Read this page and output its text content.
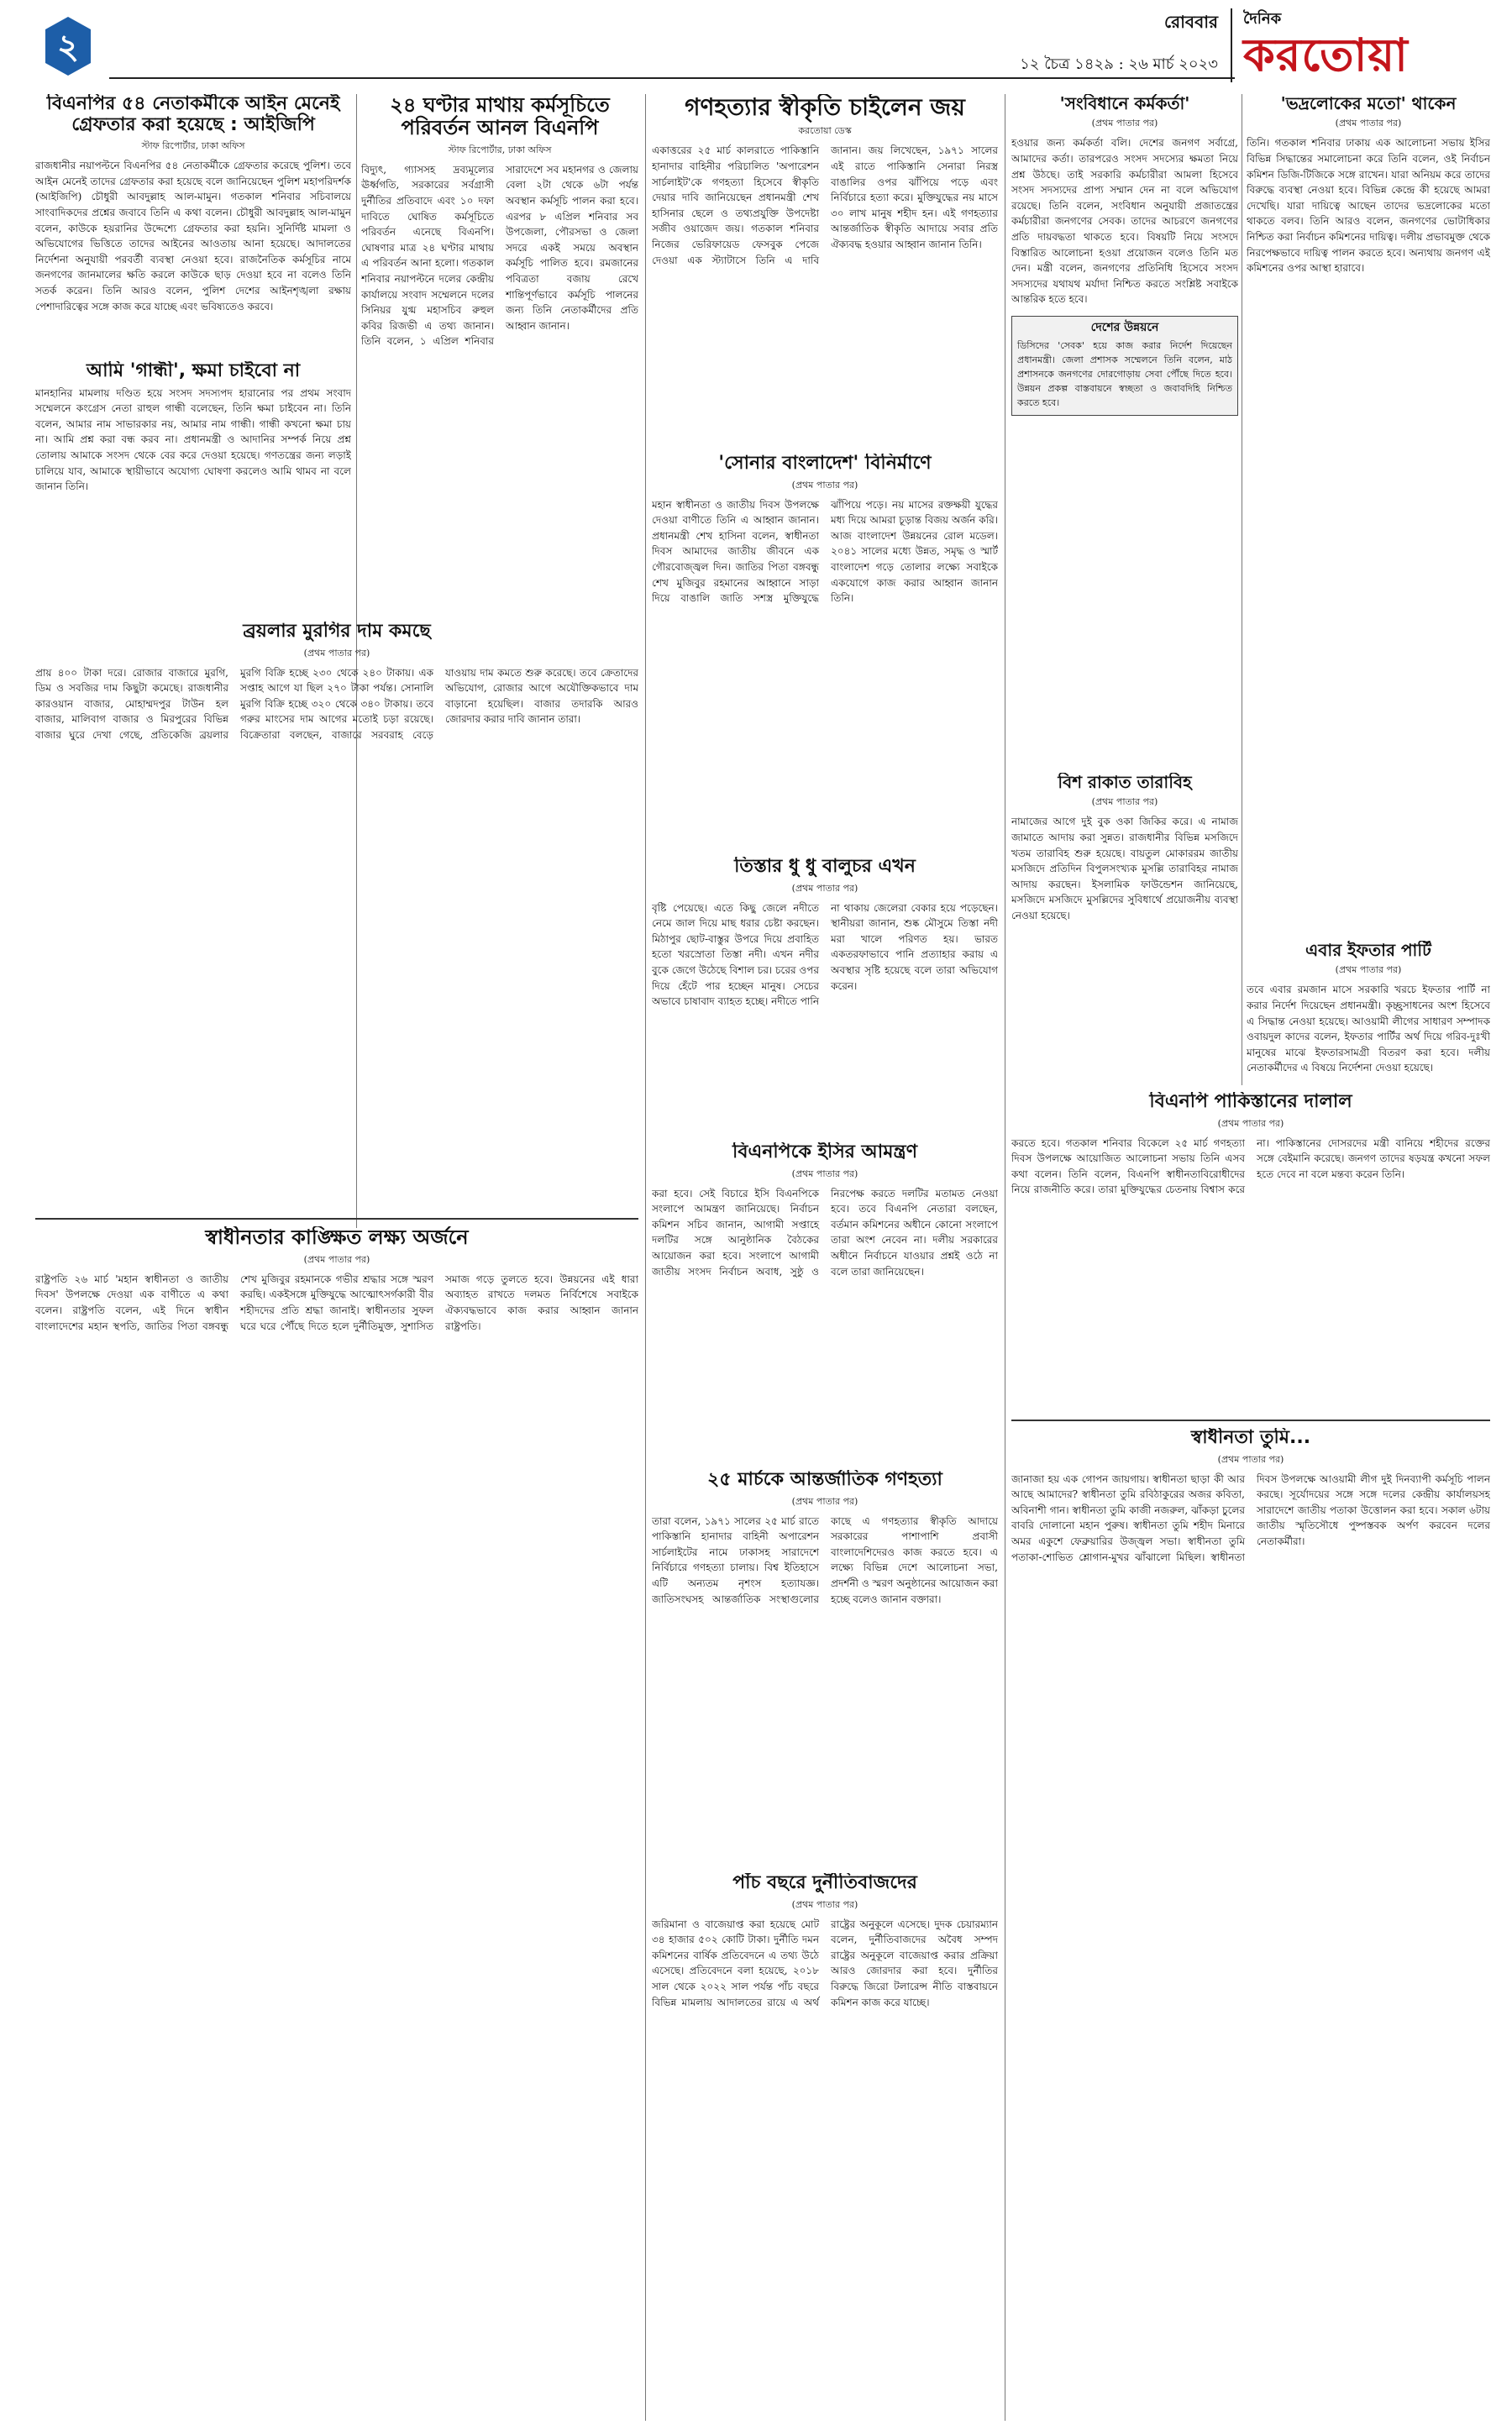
২
রোববার
১২ চৈত্র ১৪২৯ : ২৬ মার্চ ২০২৩
দৈনিক
করতোয়া
বিএনপির ৫৪ নেতাকর্মীকে আইন মেনেই গ্রেফতার করা হয়েছে : আইজিপি
স্টাফ রিপোর্টার, ঢাকা অফিস

রাজধানীর নয়াপল্টনে বিএনপির ৫৪ নেতাকর্মীকে গ্রেফতার করেছে পুলিশ। তবে আইন মেনেই তাদের গ্রেফতার করা হয়েছে বলে জানিয়েছেন পুলিশ মহাপরিদর্শক (আইজিপি) চৌধুরী আবদুল্লাহ আল-মামুন। গতকাল শনিবার সচিবালয়ে সাংবাদিকদের প্রশ্নের জবাবে তিনি এ কথা বলেন। চৌধুরী আবদুল্লাহ আল-মামুন বলেন, কাউকে হয়রানির উদ্দেশ্যে গ্রেফতার করা হয়নি। সুনির্দিষ্ট মামলা ও অভিযোগের ভিত্তিতে তাদের আইনের আওতায় আনা হয়েছে। আদালতের নির্দেশনা অনুযায়ী পরবর্তী ব্যবস্থা নেওয়া হবে। রাজনৈতিক কর্মসূচির নামে জনগণের জানমালের ক্ষতি করলে কাউকে ছাড় দেওয়া হবে না বলেও তিনি সতর্ক করেন। তিনি আরও বলেন, পুলিশ দেশের আইনশৃঙ্খলা রক্ষায় পেশাদারিত্বের সঙ্গে কাজ করে যাচ্ছে এবং ভবিষ্যতেও করবে।

আমি 'গান্ধী', ক্ষমা চাইবো না

মানহানির মামলায় দণ্ডিত হয়ে সংসদ সদস্যপদ হারানোর পর প্রথম সংবাদ সম্মেলনে কংগ্রেস নেতা রাহুল গান্ধী বলেছেন, তিনি ক্ষমা চাইবেন না। তিনি বলেন, আমার নাম সাভারকার নয়, আমার নাম গান্ধী। গান্ধী কখনো ক্ষমা চায় না। আমি প্রশ্ন করা বন্ধ করব না। প্রধানমন্ত্রী ও আদানির সম্পর্ক নিয়ে প্রশ্ন তোলায় আমাকে সংসদ থেকে বের করে দেওয়া হয়েছে। গণতন্ত্রের জন্য লড়াই চালিয়ে যাব, আমাকে স্থায়ীভাবে অযোগ্য ঘোষণা করলেও আমি থামব না বলে জানান তিনি।

২৪ ঘণ্টার মাথায় কর্মসূচিতে পরিবর্তন আনল বিএনপি
স্টাফ রিপোর্টার, ঢাকা অফিস

বিদ্যুৎ, গ্যাসসহ দ্রব্যমূল্যের ঊর্ধ্বগতি, সরকারের সর্বগ্রাসী দুর্নীতির প্রতিবাদে এবং ১০ দফা দাবিতে ঘোষিত কর্মসূচিতে পরিবর্তন এনেছে বিএনপি। ঘোষণার মাত্র ২৪ ঘণ্টার মাথায় এ পরিবর্তন আনা হলো। গতকাল শনিবার নয়াপল্টনে দলের কেন্দ্রীয় কার্যালয়ে সংবাদ সম্মেলনে দলের সিনিয়র যুগ্ম মহাসচিব রুহুল কবির রিজভী এ তথ্য জানান। তিনি বলেন, ১ এপ্রিল শনিবার সারাদেশে সব মহানগর ও জেলায় বেলা ২টা থেকে ৬টা পর্যন্ত অবস্থান কর্মসূচি পালন করা হবে। এরপর ৮ এপ্রিল শনিবার সব উপজেলা, পৌরসভা ও জেলা সদরে একই সময়ে অবস্থান কর্মসূচি পালিত হবে। রমজানের পবিত্রতা বজায় রেখে শান্তিপূর্ণভাবে কর্মসূচি পালনের জন্য তিনি নেতাকর্মীদের প্রতি আহ্বান জানান।

ব্রয়লার মুরগির দাম কমছে
(প্রথম পাতার পর)

প্রায় ৪০০ টাকা দরে। রোজার বাজারে মুরগি, ডিম ও সবজির দাম কিছুটা কমেছে। রাজধানীর কারওয়ান বাজার, মোহাম্মদপুর টাউন হল বাজার, মালিবাগ বাজার ও মিরপুরের বিভিন্ন বাজার ঘুরে দেখা গেছে, প্রতিকেজি ব্রয়লার মুরগি বিক্রি হচ্ছে ২৩০ থেকে ২৪০ টাকায়। এক সপ্তাহ আগে যা ছিল ২৭০ টাকা পর্যন্ত। সোনালি মুরগি বিক্রি হচ্ছে ৩২০ থেকে ৩৪০ টাকায়। তবে গরুর মাংসের দাম আগের মতোই চড়া রয়েছে। বিক্রেতারা বলছেন, বাজারে সরবরাহ বেড়ে যাওয়ায় দাম কমতে শুরু করেছে। তবে ক্রেতাদের অভিযোগ, রোজার আগে অযৌক্তিকভাবে দাম বাড়ানো হয়েছিল। বাজার তদারকি আরও জোরদার করার দাবি জানান তারা।

স্বাধীনতার কাঙ্ক্ষিত লক্ষ্য অর্জনে
(প্রথম পাতার পর)

রাষ্ট্রপতি ২৬ মার্চ 'মহান স্বাধীনতা ও জাতীয় দিবস' উপলক্ষে দেওয়া এক বাণীতে এ কথা বলেন। রাষ্ট্রপতি বলেন, এই দিনে স্বাধীন বাংলাদেশের মহান স্থপতি, জাতির পিতা বঙ্গবন্ধু শেখ মুজিবুর রহমানকে গভীর শ্রদ্ধার সঙ্গে স্মরণ করছি। একইসঙ্গে মুক্তিযুদ্ধে আত্মোৎসর্গকারী বীর শহীদদের প্রতি শ্রদ্ধা জানাই। স্বাধীনতার সুফল ঘরে ঘরে পৌঁছে দিতে হলে দুর্নীতিমুক্ত, সুশাসিত সমাজ গড়ে তুলতে হবে। উন্নয়নের এই ধারা অব্যাহত রাখতে দলমত নির্বিশেষে সবাইকে ঐক্যবদ্ধভাবে কাজ করার আহ্বান জানান রাষ্ট্রপতি।

গণহত্যার স্বীকৃতি চাইলেন জয়
করতোয়া ডেস্ক

একাত্তরের ২৫ মার্চ কালরাতে পাকিস্তানি হানাদার বাহিনীর পরিচালিত 'অপারেশন সার্চলাইট'কে গণহত্যা হিসেবে স্বীকৃতি দেয়ার দাবি জানিয়েছেন প্রধানমন্ত্রী শেখ হাসিনার ছেলে ও তথ্যপ্রযুক্তি উপদেষ্টা সজীব ওয়াজেদ জয়। গতকাল শনিবার নিজের ভেরিফায়েড ফেসবুক পেজে দেওয়া এক স্ট্যাটাসে তিনি এ দাবি জানান। জয় লিখেছেন, ১৯৭১ সালের এই রাতে পাকিস্তানি সেনারা নিরস্ত্র বাঙালির ওপর ঝাঁপিয়ে পড়ে এবং নির্বিচারে হত্যা করে। মুক্তিযুদ্ধের নয় মাসে ৩০ লাখ মানুষ শহীদ হন। এই গণহত্যার আন্তর্জাতিক স্বীকৃতি আদায়ে সবার প্রতি ঐক্যবদ্ধ হওয়ার আহ্বান জানান তিনি।

'সোনার বাংলাদেশ' বিনির্মাণে
(প্রথম পাতার পর)

মহান স্বাধীনতা ও জাতীয় দিবস উপলক্ষে দেওয়া বাণীতে তিনি এ আহ্বান জানান। প্রধানমন্ত্রী শেখ হাসিনা বলেন, স্বাধীনতা দিবস আমাদের জাতীয় জীবনে এক গৌরবোজ্জ্বল দিন। জাতির পিতা বঙ্গবন্ধু শেখ মুজিবুর রহমানের আহ্বানে সাড়া দিয়ে বাঙালি জাতি সশস্ত্র মুক্তিযুদ্ধে ঝাঁপিয়ে পড়ে। নয় মাসের রক্তক্ষয়ী যুদ্ধের মধ্য দিয়ে আমরা চূড়ান্ত বিজয় অর্জন করি। আজ বাংলাদেশ উন্নয়নের রোল মডেল। ২০৪১ সালের মধ্যে উন্নত, সমৃদ্ধ ও স্মার্ট বাংলাদেশ গড়ে তোলার লক্ষ্যে সবাইকে একযোগে কাজ করার আহ্বান জানান তিনি।

তিস্তার ধু ধু বালুচর এখন
(প্রথম পাতার পর)

বৃষ্টি পেয়েছে। এতে কিছু জেলে নদীতে নেমে জাল দিয়ে মাছ ধরার চেষ্টা করছেন। মিঠাপুর ছোট-বাস্তুর উপরে দিয়ে প্রবাহিত হতো খরস্রোতা তিস্তা নদী। এখন নদীর বুকে জেগে উঠেছে বিশাল চর। চরের ওপর দিয়ে হেঁটে পার হচ্ছেন মানুষ। সেচের অভাবে চাষাবাদ ব্যাহত হচ্ছে। নদীতে পানি না থাকায় জেলেরা বেকার হয়ে পড়েছেন। স্থানীয়রা জানান, শুষ্ক মৌসুমে তিস্তা নদী মরা খালে পরিণত হয়। ভারত একতরফাভাবে পানি প্রত্যাহার করায় এ অবস্থার সৃষ্টি হয়েছে বলে তারা অভিযোগ করেন।

বিএনপিকে ইসির আমন্ত্রণ
(প্রথম পাতার পর)

করা হবে। সেই বিচারে ইসি বিএনপিকে সংলাপে আমন্ত্রণ জানিয়েছে। নির্বাচন কমিশন সচিব জানান, আগামী সপ্তাহে দলটির সঙ্গে আনুষ্ঠানিক বৈঠকের আয়োজন করা হবে। সংলাপে আগামী জাতীয় সংসদ নির্বাচন অবাধ, সুষ্ঠু ও নিরপেক্ষ করতে দলটির মতামত নেওয়া হবে। তবে বিএনপি নেতারা বলছেন, বর্তমান কমিশনের অধীনে কোনো সংলাপে তারা অংশ নেবেন না। দলীয় সরকারের অধীনে নির্বাচনে যাওয়ার প্রশ্নই ওঠে না বলে তারা জানিয়েছেন।

২৫ মার্চকে আন্তর্জাতিক গণহত্যা
(প্রথম পাতার পর)

তারা বলেন, ১৯৭১ সালের ২৫ মার্চ রাতে পাকিস্তানি হানাদার বাহিনী অপারেশন সার্চলাইটের নামে ঢাকাসহ সারাদেশে নির্বিচারে গণহত্যা চালায়। বিশ্ব ইতিহাসে এটি অন্যতম নৃশংস হত্যাযজ্ঞ। জাতিসংঘসহ আন্তর্জাতিক সংস্থাগুলোর কাছে এ গণহত্যার স্বীকৃতি আদায়ে সরকারের পাশাপাশি প্রবাসী বাংলাদেশিদেরও কাজ করতে হবে। এ লক্ষ্যে বিভিন্ন দেশে আলোচনা সভা, প্রদর্শনী ও স্মরণ অনুষ্ঠানের আয়োজন করা হচ্ছে বলেও জানান বক্তারা।

পাঁচ বছরে দুর্নীতিবাজদের
(প্রথম পাতার পর)

জরিমানা ও বাজেয়াপ্ত করা হয়েছে মোট ৩৪ হাজার ৫০২ কোটি টাকা। দুর্নীতি দমন কমিশনের বার্ষিক প্রতিবেদনে এ তথ্য উঠে এসেছে। প্রতিবেদনে বলা হয়েছে, ২০১৮ সাল থেকে ২০২২ সাল পর্যন্ত পাঁচ বছরে বিভিন্ন মামলায় আদালতের রায়ে এ অর্থ রাষ্ট্রের অনুকূলে এসেছে। দুদক চেয়ারম্যান বলেন, দুর্নীতিবাজদের অবৈধ সম্পদ রাষ্ট্রের অনুকূলে বাজেয়াপ্ত করার প্রক্রিয়া আরও জোরদার করা হবে। দুর্নীতির বিরুদ্ধে জিরো টলারেন্স নীতি বাস্তবায়নে কমিশন কাজ করে যাচ্ছে।

'সংবিধানে কর্মকর্তা'
(প্রথম পাতার পর)

হওয়ার জন্য কর্মকর্তা বলি। দেশের জনগণ সর্বাগ্রে, আমাদের কর্তা। তারপরেও সংসদ সদস্যের ক্ষমতা নিয়ে প্রশ্ন উঠছে। তাই সরকারি কর্মচারীরা আমলা হিসেবে সংসদ সদস্যদের প্রাপ্য সম্মান দেন না বলে অভিযোগ রয়েছে। তিনি বলেন, সংবিধান অনুযায়ী প্রজাতন্ত্রের কর্মচারীরা জনগণের সেবক। তাদের আচরণে জনগণের প্রতি দায়বদ্ধতা থাকতে হবে। বিষয়টি নিয়ে সংসদে বিস্তারিত আলোচনা হওয়া প্রয়োজন বলেও তিনি মত দেন। মন্ত্রী বলেন, জনগণের প্রতিনিধি হিসেবে সংসদ সদস্যদের যথাযথ মর্যাদা নিশ্চিত করতে সংশ্লিষ্ট সবাইকে আন্তরিক হতে হবে।

দেশের উন্নয়নে

ডিসিদের 'সেবক' হয়ে কাজ করার নির্দেশ দিয়েছেন প্রধানমন্ত্রী। জেলা প্রশাসক সম্মেলনে তিনি বলেন, মাঠ প্রশাসনকে জনগণের দোরগোড়ায় সেবা পৌঁছে দিতে হবে। উন্নয়ন প্রকল্প বাস্তবায়নে স্বচ্ছতা ও জবাবদিহি নিশ্চিত করতে হবে।

'ভদ্রলোকের মতো' থাকেন
(প্রথম পাতার পর)

তিনি। গতকাল শনিবার ঢাকায় এক আলোচনা সভায় ইসির বিভিন্ন সিদ্ধান্তের সমালোচনা করে তিনি বলেন, ওই নির্বাচন কমিশন ডিজি-টিজিকে সঙ্গে রাখেন। যারা অনিয়ম করে তাদের বিরুদ্ধে ব্যবস্থা নেওয়া হবে। বিভিন্ন কেন্দ্রে কী হয়েছে আমরা দেখেছি। যারা দায়িত্বে আছেন তাদের ভদ্রলোকের মতো থাকতে বলব। তিনি আরও বলেন, জনগণের ভোটাধিকার নিশ্চিত করা নির্বাচন কমিশনের দায়িত্ব। দলীয় প্রভাবমুক্ত থেকে নিরপেক্ষভাবে দায়িত্ব পালন করতে হবে। অন্যথায় জনগণ এই কমিশনের ওপর আস্থা হারাবে।

বিশ রাকাত তারাবিহ
(প্রথম পাতার পর)

নামাজের আগে দুই বুক ওকা জিকির করে। এ নামাজ জামাতে আদায় করা সুন্নত। রাজধানীর বিভিন্ন মসজিদে খতম তারাবিহ শুরু হয়েছে। বায়তুল মোকাররম জাতীয় মসজিদে প্রতিদিন বিপুলসংখ্যক মুসল্লি তারাবিহর নামাজ আদায় করছেন। ইসলামিক ফাউন্ডেশন জানিয়েছে, মসজিদে মসজিদে মুসল্লিদের সুবিধার্থে প্রয়োজনীয় ব্যবস্থা নেওয়া হয়েছে।

এবার ইফতার পার্টি
(প্রথম পাতার পর)

তবে এবার রমজান মাসে সরকারি খরচে ইফতার পার্টি না করার নির্দেশ দিয়েছেন প্রধানমন্ত্রী। কৃচ্ছ্রসাধনের অংশ হিসেবে এ সিদ্ধান্ত নেওয়া হয়েছে। আওয়ামী লীগের সাধারণ সম্পাদক ওবায়দুল কাদের বলেন, ইফতার পার্টির অর্থ দিয়ে গরিব-দুঃখী মানুষের মাঝে ইফতারসামগ্রী বিতরণ করা হবে। দলীয় নেতাকর্মীদের এ বিষয়ে নির্দেশনা দেওয়া হয়েছে।

বিএনপি পাকিস্তানের দালাল
(প্রথম পাতার পর)

করতে হবে। গতকাল শনিবার বিকেলে ২৫ মার্চ গণহত্যা দিবস উপলক্ষে আয়োজিত আলোচনা সভায় তিনি এসব কথা বলেন। তিনি বলেন, বিএনপি স্বাধীনতাবিরোধীদের নিয়ে রাজনীতি করে। তারা মুক্তিযুদ্ধের চেতনায় বিশ্বাস করে না। পাকিস্তানের দোসরদের মন্ত্রী বানিয়ে শহীদের রক্তের সঙ্গে বেইমানি করেছে। জনগণ তাদের ষড়যন্ত্র কখনো সফল হতে দেবে না বলে মন্তব্য করেন তিনি।

স্বাধীনতা তুমি...
(প্রথম পাতার পর)

জানাজা হয় এক গোপন জায়গায়। স্বাধীনতা ছাড়া কী আর আছে আমাদের? স্বাধীনতা তুমি রবিঠাকুরের অজর কবিতা, অবিনাশী গান। স্বাধীনতা তুমি কাজী নজরুল, ঝাঁকড়া চুলের বাবরি দোলানো মহান পুরুষ। স্বাধীনতা তুমি শহীদ মিনারে অমর একুশে ফেব্রুয়ারির উজ্জ্বল সভা। স্বাধীনতা তুমি পতাকা-শোভিত শ্লোগান-মুখর ঝাঁঝালো মিছিল। স্বাধীনতা দিবস উপলক্ষে আওয়ামী লীগ দুই দিনব্যাপী কর্মসূচি পালন করছে। সূর্যোদয়ের সঙ্গে সঙ্গে দলের কেন্দ্রীয় কার্যালয়সহ সারাদেশে জাতীয় পতাকা উত্তোলন করা হবে। সকাল ৬টায় জাতীয় স্মৃতিসৌধে পুষ্পস্তবক অর্পণ করবেন দলের নেতাকর্মীরা।
